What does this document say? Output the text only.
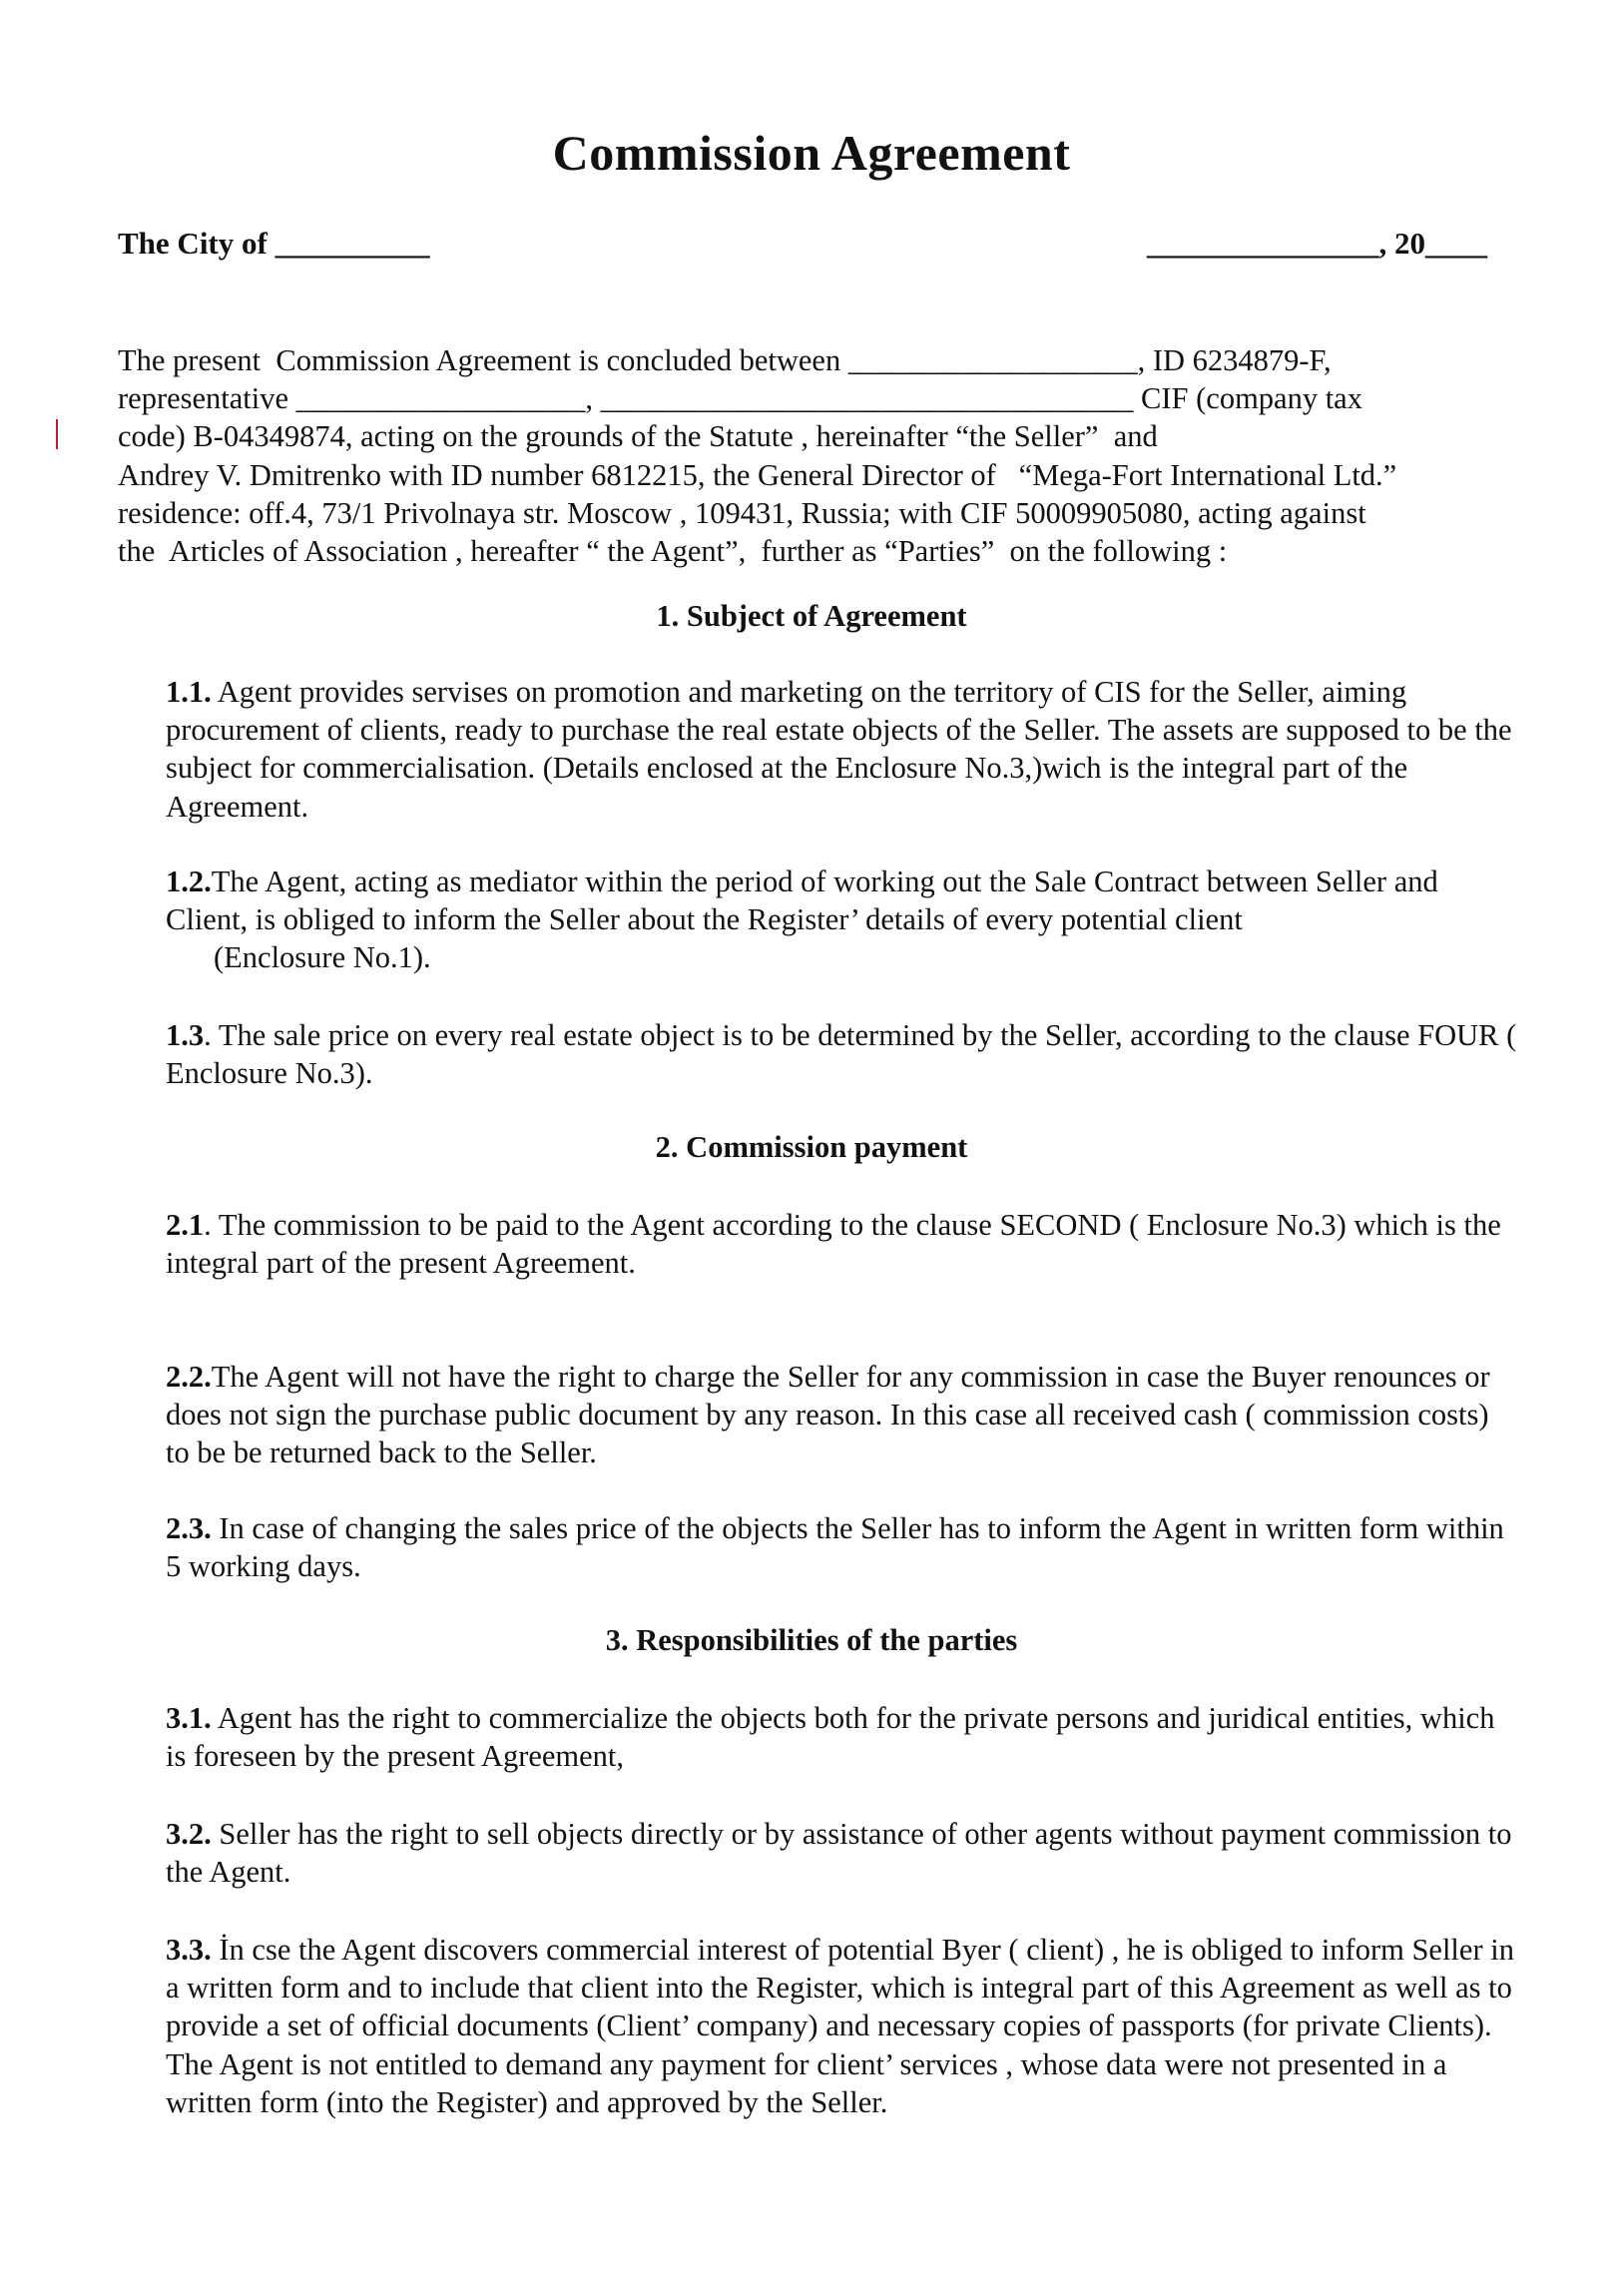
Commission Agreement

The City of __________	_______________, 20____

The present  Commission Agreement is concluded between ___________________, ID 6234879-F,
representative ___________________, ___________________________________ CIF (company tax
code) B-04349874, acting on the grounds of the Statute , hereinafter “the Seller”  and
Andrey V. Dmitrenko with ID number 6812215, the General Director of   “Mega-Fort International Ltd.”
residence: off.4, 73/1 Privolnaya str. Moscow , 109431, Russia; with CIF 50009905080, acting against
the  Articles of Association , hereafter “ the Agent”,  further as “Parties”  on the following :
1. Subject of Agreement

1.1. Agent provides servises on promotion and marketing on the territory of CIS for the Seller, aiming procurement of clients, ready to purchase the real estate objects of the Seller. The assets are supposed to be the subject for commercialisation. (Details enclosed at the Enclosure No.3,)wich is the integral part of the Agreement.

1.2.The Agent, acting as mediator within the period of working out the Sale Contract between Seller and Client, is obliged to inform the Seller about the Register’ details of every potential client
(Enclosure No.1).

1.3. The sale price on every real estate object is to be determined by the Seller, according to the clause FOUR ( Enclosure No.3).

2. Commission payment

2.1. The commission to be paid to the Agent according to the clause SECOND ( Enclosure No.3) which is the integral part of the present Agreement.

2.2.The Agent will not have the right to charge the Seller for any commission in case the Buyer renounces or does not sign the purchase public document by any reason. In this case all received cash ( commission costs) to be be returned back to the Seller.

2.3. In case of changing the sales price of the objects the Seller has to inform the Agent in written form within 5 working days.

3. Responsibilities of the parties

3.1. Agent has the right to commercialize the objects both for the private persons and juridical entities, which is foreseen by the present Agreement,

3.2. Seller has the right to sell objects directly or by assistance of other agents without payment commission to the Agent.

3.3. İn cse the Agent discovers commercial interest of potential Byer ( client) , he is obliged to inform Seller in a written form and to include that client into the Register, which is integral part of this Agreement as well as to provide a set of official documents (Client’ company) and necessary copies of passports (for private Clients). The Agent is not entitled to demand any payment for client’ services , whose data were not presented in a written form (into the Register) and approved by the Seller.
